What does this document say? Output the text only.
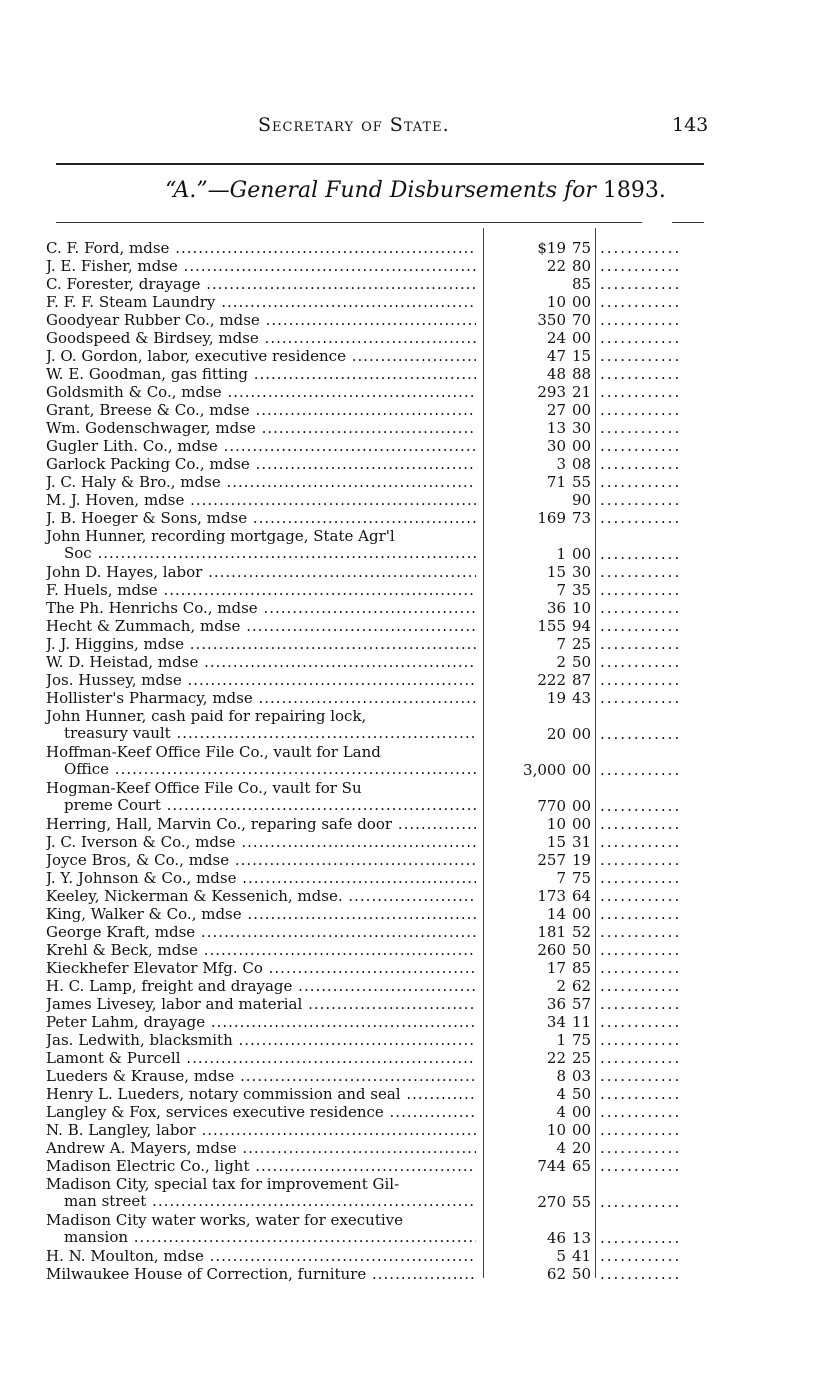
Secretary of State.	143
“A.”—General Fund Disbursements for 1893.
C. F. Ford, mdse .....	$19 75 ............
J. E. Fisher, mdse .....	22 80 ............
C. Forester, drayage .....	85 ............
F. F. F. Steam Laundry .....	10 00 ............
Goodyear Rubber Co., mdse .....	350 70 ............
Goodspeed & Birdsey, mdse .....	24 00 ............
J. O. Gordon, labor, executive residence .....	47 15 ............
W. E. Goodman, gas fitting .....	48 88 ............
Goldsmith & Co., mdse .....	293 21 ............
Grant, Breese & Co., mdse .....	27 00 ............
Wm. Godenschwager, mdse .....	13 30 ............
Gugler Lith. Co., mdse .....	30 00 ............
Garlock Packing Co., mdse .....	3 08 ............
J. C. Haly & Bro., mdse .....	71 55 ............
M. J. Hoven, mdse .....	90 ............
J. B. Hoeger & Sons, mdse .....	169 73 ............
John Hunner, recording mortgage, State Agr'l
Soc .....	1 00 ............
John D. Hayes, labor .....	15 30 ............
F. Huels, mdse .....	7 35 ............
The Ph. Henrichs Co., mdse .....	36 10 ............
Hecht & Zummach, mdse .....	155 94 ............
J. J. Higgins, mdse .....	7 25 ............
W. D. Heistad, mdse .....	2 50 ............
Jos. Hussey, mdse .....	222 87 ............
Hollister's Pharmacy, mdse .....	19 43 ............
John Hunner, cash paid for repairing lock,
treasury vault .....	20 00 ............
Hoffman-Keef Office File Co., vault for Land
Office .....	3,000 00 ............
Hogman-Keef Office File Co., vault for Su
preme Court .....	770 00 ............
Herring, Hall, Marvin Co., reparing safe door .....	10 00 ............
J. C. Iverson & Co., mdse .....	15 31 ............
Joyce Bros, & Co., mdse .....	257 19 ............
J. Y. Johnson & Co., mdse .....	7 75 ............
Keeley, Nickerman & Kessenich, mdse. .....	173 64 ............
King, Walker & Co., mdse .....	14 00 ............
George Kraft, mdse .....	181 52 ............
Krehl & Beck, mdse .....	260 50 ............
Kieckhefer Elevator Mfg. Co .....	17 85 ............
H. C. Lamp, freight and drayage .....	2 62 ............
James Livesey, labor and material .....	36 57 ............
Peter Lahm, drayage .....	34 11 ............
Jas. Ledwith, blacksmith .....	1 75 ............
Lamont & Purcell .....	22 25 ............
Lueders & Krause, mdse .....	8 03 ............
Henry L. Lueders, notary commission and seal .....	4 50 ............
Langley & Fox, services executive residence .....	4 00 ............
N. B. Langley, labor .....	10 00 ............
Andrew A. Mayers, mdse .....	4 20 ............
Madison Electric Co., light .....	744 65 ............
Madison City, special tax for improvement Gil-
man street .....	270 55 ............
Madison City water works, water for executive
mansion .....	46 13 ............
H. N. Moulton, mdse .....	5 41 ............
Milwaukee House of Correction, furniture .....	62 50 ............
